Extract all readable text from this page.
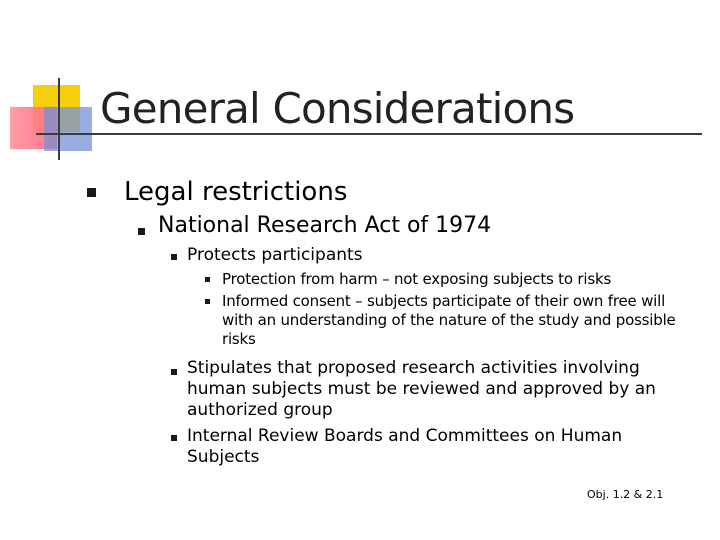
General Considerations
Legal restrictions
National Research Act of 1974
Protects participants
Protection from harm – not exposing subjects to risks
Informed consent – subjects participate of their own free will with an understanding of the nature of the study and possible risks
Stipulates that proposed research activities involving human subjects must be reviewed and approved by an authorized group
Internal Review Boards and Committees on Human Subjects
Obj. 1.2 & 2.1
